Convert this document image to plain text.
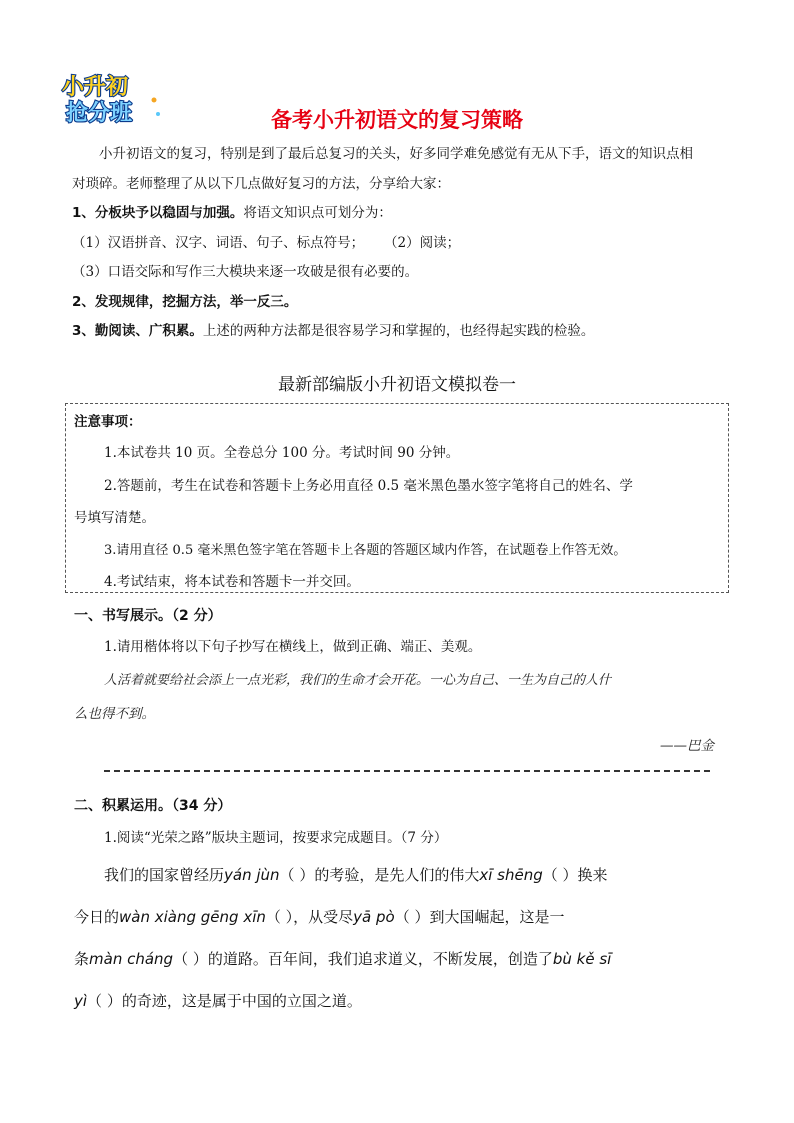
小升初
抢分班	备考小升初语文的复习策略
小升初语文的复习，特别是到了最后总复习的关头，好多同学难免感觉有无从下手，语文的知识点相
对琐碎。老师整理了从以下几点做好复习的方法，分享给大家：
1、分板块予以稳固与加强。将语文知识点可划分为：
（1）汉语拼音、汉字、词语、句子、标点符号； （2）阅读；
（3）口语交际和写作三大模块来逐一攻破是很有必要的。
2、发现规律，挖掘方法，举一反三。
3、勤阅读、广积累。上述的两种方法都是很容易学习和掌握的，也经得起实践的检验。
最新部编版小升初语文模拟卷一
注意事项：
1.本试卷共 10 页。全卷总分 100 分。考试时间 90 分钟。
2.答题前，考生在试卷和答题卡上务必用直径 0.5 毫米黑色墨水签字笔将自己的姓名、学
号填写清楚。
3.请用直径 0.5 毫米黑色签字笔在答题卡上各题的答题区域内作答，在试题卷上作答无效。
4.考试结束，将本试卷和答题卡一并交回。
一、书写展示。（2 分）
1.请用楷体将以下句子抄写在横线上，做到正确、端正、美观。
人活着就要给社会添上一点光彩，我们的生命才会开花。一心为自己、一生为自己的人什
么也得不到。
——巴金
二、积累运用。（34 分）
1.阅读“光荣之路”版块主题词，按要求完成题目。（7 分）
我们的国家曾经历yán jùn（ ）的考验，是先人们的伟大xī shēng（ ）换来
今日的wàn xiàng gēng xīn（ ），从受尽yā pò（ ）到大国崛起，这是一
条màn cháng（ ）的道路。百年间，我们追求道义，不断发展，创造了bù kě sī
yì（ ）的奇迹，这是属于中国的立国之道。
